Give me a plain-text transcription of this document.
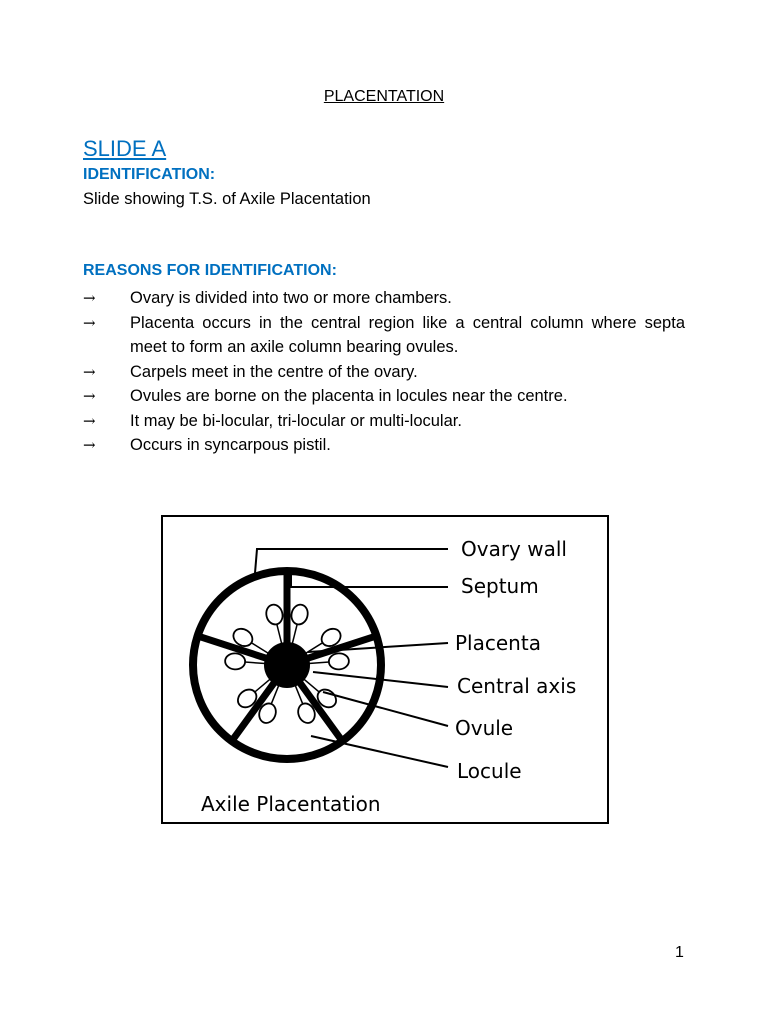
PLACENTATION
SLIDE A
IDENTIFICATION:
Slide showing T.S. of Axile Placentation
REASONS FOR IDENTIFICATION:
→ Ovary is divided into two or more chambers.
→ Placenta occurs in the central region like a central column where septa meet to form an axile column bearing ovules.
→ Carpels meet in the centre of the ovary.
→ Ovules are borne on the placenta in locules near the centre.
→ It may be bi-locular, tri-locular or multi-locular.
→ Occurs in syncarpous pistil.
Ovary wall
Septum
Placenta
Central axis
Ovule
Locule
Axile Placentation
1
